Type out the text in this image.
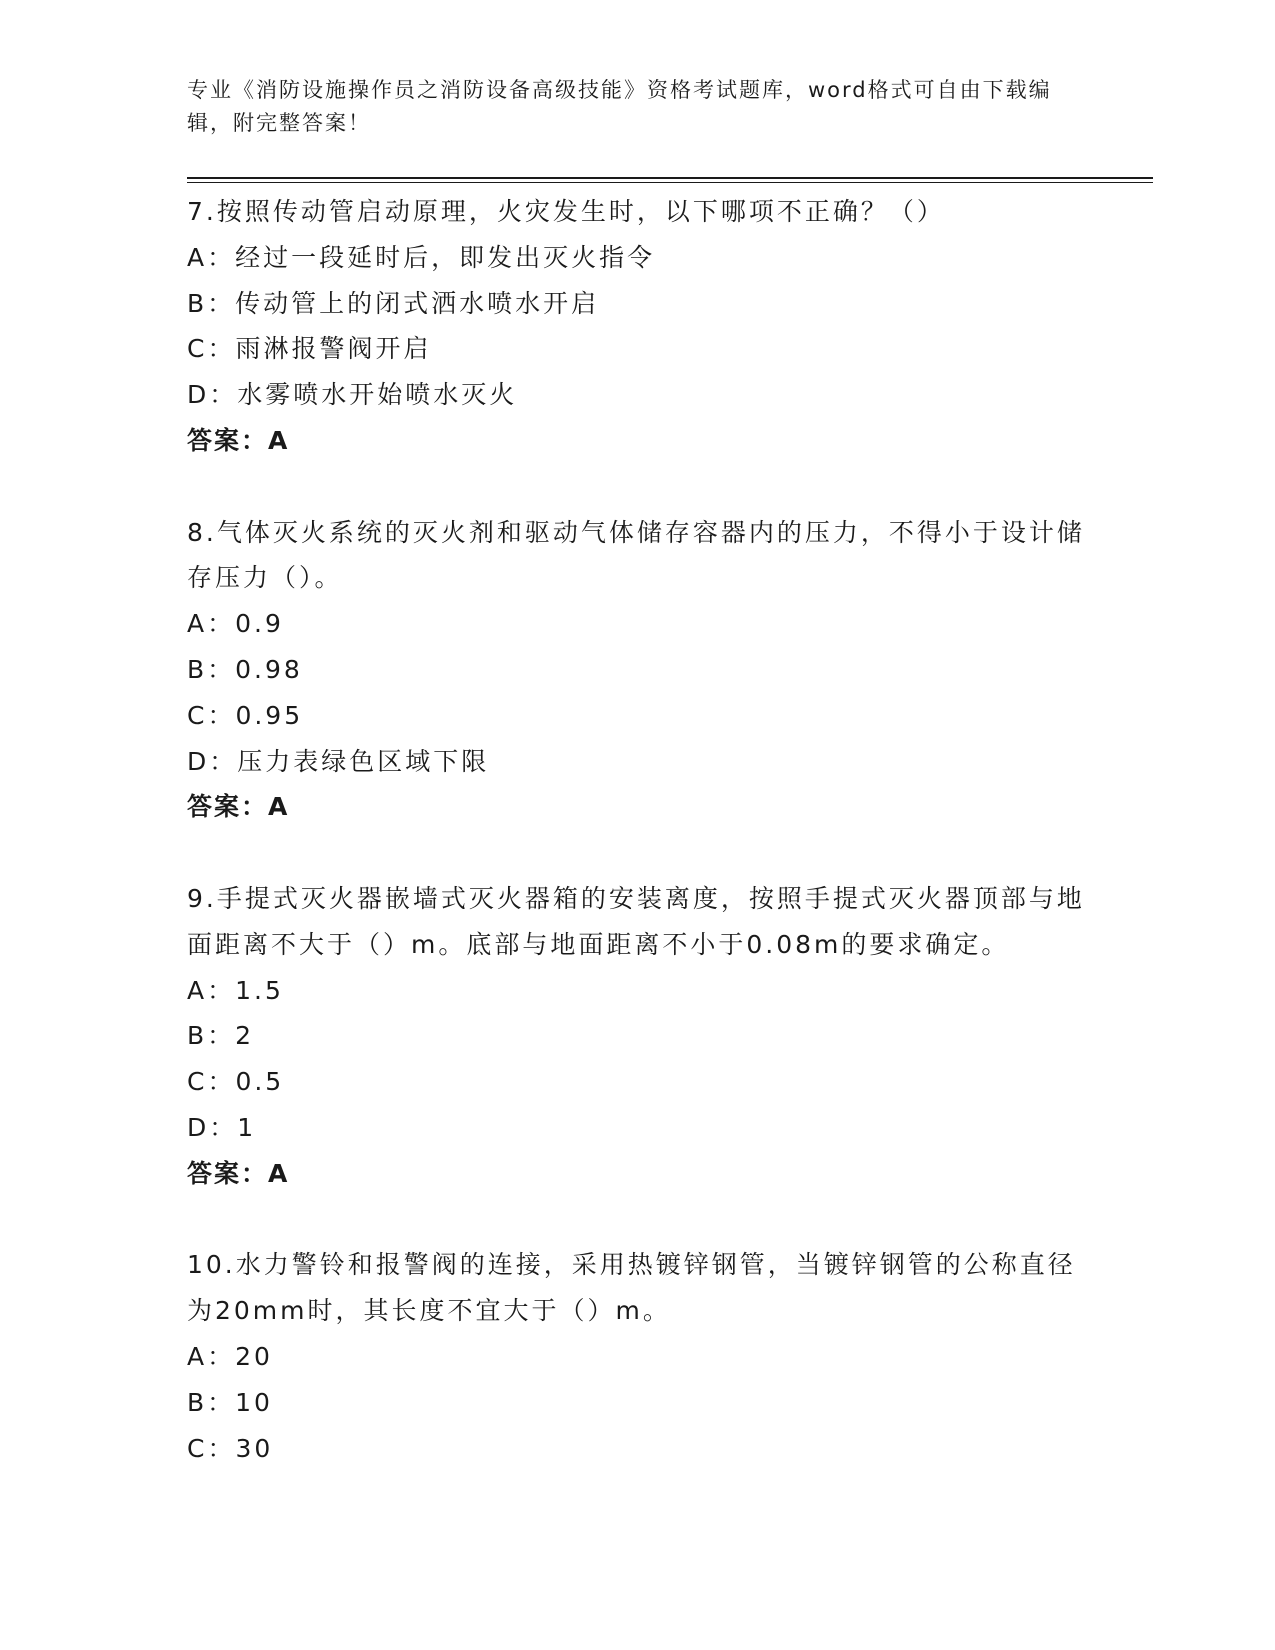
专业《消防设施操作员之消防设备高级技能》资格考试题库，word格式可自由下载编辑，附完整答案！

7.按照传动管启动原理，火灾发生时，以下哪项不正确？（）

A：经过一段延时后，即发出灭火指令

B：传动管上的闭式洒水喷水开启

C：雨淋报警阀开启

D：水雾喷水开始喷水灭火

答案：A

8.气体灭火系统的灭火剂和驱动气体储存容器内的压力，不得小于设计储存压力（）。

A：0.9

B：0.98

C：0.95

D：压力表绿色区域下限

答案：A

9.手提式灭火器嵌墙式灭火器箱的安装离度，按照手提式灭火器顶部与地面距离不大于（）m。底部与地面距离不小于0.08m的要求确定。

A：1.5

B：2

C：0.5

D：1

答案：A

10.水力警铃和报警阀的连接，采用热镀锌钢管，当镀锌钢管的公称直径为20mm时，其长度不宜大于（）m。

A：20

B：10

C：30
